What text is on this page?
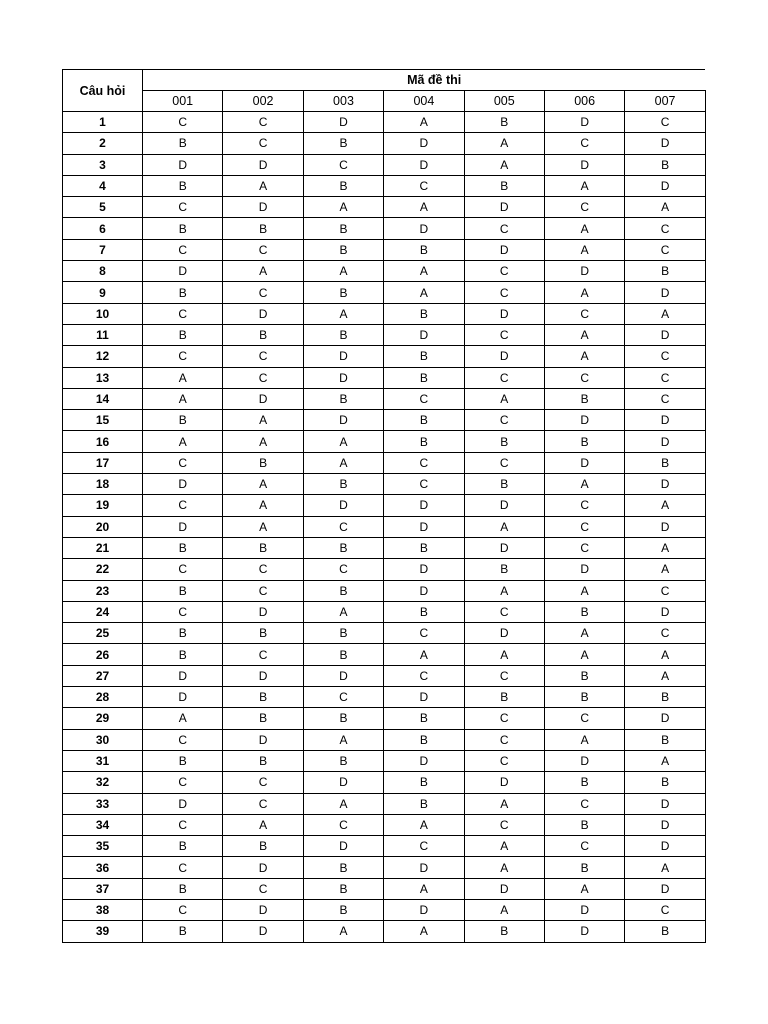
Câu hỏi	Mã đề thi						
	001	002	003	004	005	006	007
1	C	C	D	A	B	D	C
2	B	C	B	D	A	C	D
3	D	D	C	D	A	D	B
4	B	A	B	C	B	A	D
5	C	D	A	A	D	C	A
6	B	B	B	D	C	A	C
7	C	C	B	B	D	A	C
8	D	A	A	A	C	D	B
9	B	C	B	A	C	A	D
10	C	D	A	B	D	C	A
11	B	B	B	D	C	A	D
12	C	C	D	B	D	A	C
13	A	C	D	B	C	C	C
14	A	D	B	C	A	B	C
15	B	A	D	B	C	D	D
16	A	A	A	B	B	B	D
17	C	B	A	C	C	D	B
18	D	A	B	C	B	A	D
19	C	A	D	D	D	C	A
20	D	A	C	D	A	C	D
21	B	B	B	B	D	C	A
22	C	C	C	D	B	D	A
23	B	C	B	D	A	A	C
24	C	D	A	B	C	B	D
25	B	B	B	C	D	A	C
26	B	C	B	A	A	A	A
27	D	D	D	C	C	B	A
28	D	B	C	D	B	B	B
29	A	B	B	B	C	C	D
30	C	D	A	B	C	A	B
31	B	B	B	D	C	D	A
32	C	C	D	B	D	B	B
33	D	C	A	B	A	C	D
34	C	A	C	A	C	B	D
35	B	B	D	C	A	C	D
36	C	D	B	D	A	B	A
37	B	C	B	A	D	A	D
38	C	D	B	D	A	D	C
39	B	D	A	A	B	D	B
